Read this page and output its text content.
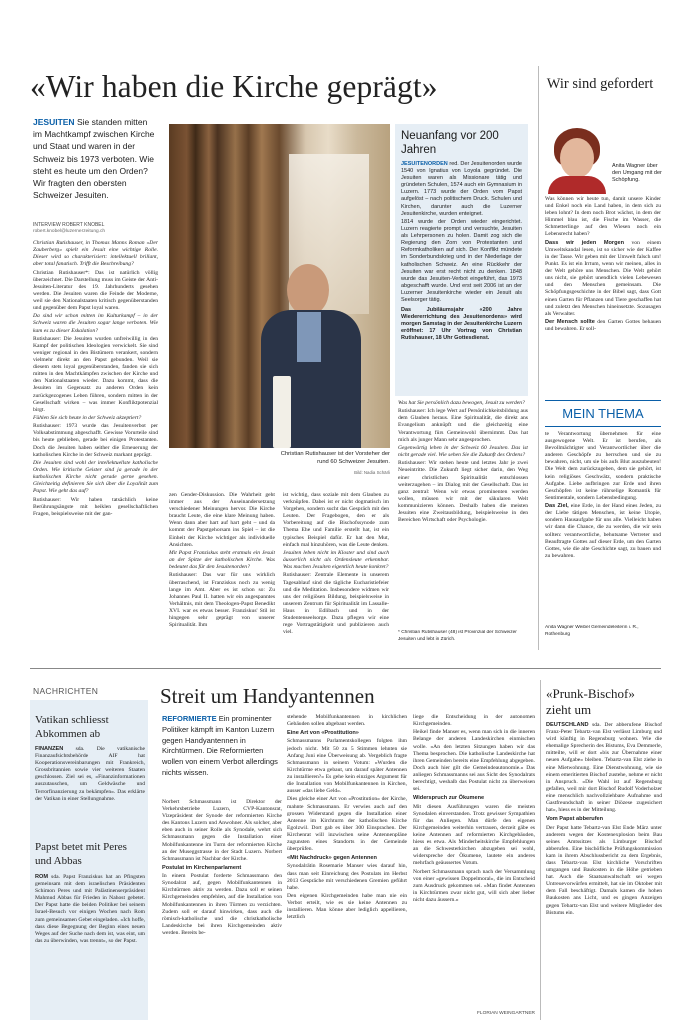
«Wir haben die Kirche geprägt»
JESUITEN Sie standen mitten im Machtkampf zwischen Kirche und Staat und waren in der Schweiz bis 1973 verboten. Wie steht es heute um den Orden? Wir fragten den obersten Schweizer Jesuiten.
INTERVIEW ROBERT KNOBEL
robert.knobel@luzernerzeitung.ch

Christian Rutishauser, in Thomas Manns Roman «Der Zauberberg» spielt ein Jesuit eine wichtige Rolle. Dieser wird so charakterisiert: intellektuell brillant, aber total fanatisch. Trifft die Beschreibung?

Christian Rutishauser*: Das ist natürlich völlig überzeichnet. Die Darstellung muss im Geiste der Anti-Jesuiten-Literatur des 19. Jahrhunderts gesehen werden. Die Jesuiten waren die Feinde der Moderne, weil sie den Nationalstaaten kritisch gegenüberstanden und gegenüber dem Papst loyal waren.

Da sind wir schon mitten im Kulturkampf – in der Schweiz waren die Jesuiten sogar lange verboten. Wie kam es zu dieser Eskalation?

Rutishauser: Die Jesuiten wurden unfreiwillig in den Kampf der politischen Ideologien verwickelt. Sie sind weniger regional in den Bistümern verankert, sondern vielmehr direkt an den Papst gebunden. Weil sie diesem stets loyal gegenüberstanden, fanden sie sich mitten in den Machtkämpfen zwischen der Kirche und den Nationalstaaten wieder. Dazu kommt, dass die Jesuiten im Gegensatz zu anderen Orden kein zurückgezogenes Leben führen, sondern mitten in der Gesellschaft wirken – was immer Konfliktpotenzial birgt.

Fühlen Sie sich heute in der Schweiz akzeptiert?

Rutishauser: 1973 wurde das Jesuitenverbot per Volksabstimmung abgeschafft. Gewisse Vorurteile sind bis heute geblieben, gerade bei einigen Protestanten. Doch die Jesuiten haben seither die Erneuerung der katholischen Kirche in der Schweiz markant geprägt.

Die Jesuiten sind wohl der intellektuellste katholische Orden. Wie kritische Geister sind ja gerade in der katholischen Kirche nicht gerade gerne gesehen. Gleichzeitig definieren Sie sich über die Loyalität zum Papst. Wie geht das auf?

Rutishauser: Wir haben tatsächlich keine Berührungsängste mit heiklen gesellschaftlichen Fragen, beispielsweise mit der gan-

Christian Rutishauser ist der Vorsteher der rund 60 Schweizer Jesuiten.
Bild: Nadia Schärli
Neuanfang vor 200 Jahren

JESUITENORDEN red. Der Jesuitenorden wurde 1540 von Ignatius von Loyola gegründet. Die Jesuiten waren als Missionare tätig und gründeten Schulen, 1574 auch ein Gymnasium in Luzern. 1773 wurde der Orden vom Papst aufgelöst – nach politischem Druck. Schulen und Kirchen, darunter auch die Luzerner Jesuitenkirche, wurden enteignet.

1814 wurde der Orden wieder eingerichtet. Luzern reagierte prompt und versuchte, Jesuiten als Lehrpersonen zu holen. Damit zog sich die Regierung den Zorn von Protestanten und Reformkatholiken auf sich. Der Konflikt mündete im Sonderbundskrieg und in der Niederlage der katholischen Schweiz. An eine Rückkehr der Jesuiten war erst recht nicht zu denken. 1848 wurde das Jesuiten-Verbot eingeführt, das 1973 abgeschafft wurde. Und erst seit 2006 ist an der Luzerner Jesuitenkirche wieder ein Jesuit als Seelsorger tätig.

Das Jubiläumsjahr «200 Jahre Wiedererrichtung des Jesuitenordens» wird morgen Samstag in der Jesuitenkirche Luzern eröffnet: 17 Uhr Vortrag von Christian Rutishauser, 18 Uhr Gottesdienst.

zen Gender-Diskussion. Die Wahrheit geht immer aus der Auseinandersetzung verschiedener Meinungen hervor. Die Kirche braucht Leute, die eine klare Meinung haben. Wenn dann aber hart auf hart geht – und da kommt der Papstgehorsam ins Spiel – ist die Einheit der Kirche wichtiger als individuelle Ansichten.

Mit Papst Franziskus steht erstmals ein Jesuit an der Spitze der katholischen Kirche. Was bedeutet das für den Jesuitenorden?

Rutishauser: Das war für uns wirklich überraschend, ist Franziskus noch zu wenig lange im Amt. Aber es ist schon so: Zu Johannes Paul II. hatten wir ein angespanntes Verhältnis, mit dem Theologen-Papst Benedikt XVI. war es etwas besser. Franziskus' Stil ist hingegen sehr geprägt von unserer Spiritualität. Ihm

ist wichtig, dass soziale mit dem Glauben zu verknüpfen. Dabei ist er nicht dogmatisch im Vorgehen, sondern sucht das Gespräch mit den Leuten. Der Fragebogen, den er als Vorbereitung auf die Bischofssynode zum Thema Ehe und Familie erstellt hat, ist ein typisches Beispiel dafür. Er hat den Mut, einfach mal hinzuhören, was die Leute denken.

Jesuiten leben nicht im Kloster und sind auch äusserlich nicht als Ordensleute erkennbar. Was machen Jesuiten eigentlich heute konkret?

Rutishauser: Zentrale Elemente in unserem Tagesablauf sind die tägliche Eucharistiefeier und die Meditation. Insbesondere widmen wir uns der religiösen Bildung, beispielsweise in unserem Zentrum für Spiritualität im Lassalle-Haus in Edlibach und in der Studentenseelsorge. Dazu pflegen wir eine rege Vortragstätigkeit und publizieren auch viel.

Was hat Sie persönlich dazu bewogen, Jesuit zu werden?

Rutishauser: Ich lege Wert auf Persönlichkeitsbildung aus dem Glauben heraus. Eine Spiritualität, die direkt ans Evangelium anknüpft und die gleichzeitig eine Verantwortung fürs Gemeinwohl übernimmt. Das hat mich als junger Mann sehr angesprochen.

Gegenwärtig leben in der Schweiz 60 Jesuiten. Das ist nicht gerade viel. Wie sehen Sie die Zukunft des Ordens?

Rutishauser: Wir stehen heute und letztes Jahr je zwei Neueintritte. Die Zukunft liegt sicher darin, den Weg einer christlichen Spiritualität entschlossen weiterzugehen – im Dialog mit der Gesellschaft. Das ist ganz zentral: Wenn wir etwas prominenten werden wollen, müssen wir mit der säkularen Welt kommunizieren können. Deshalb haben die meisten Jesuiten eine Zweitausbildung, beispielsweise in den Bereichen Wirtschaft oder Psychologie.

* Christian Rutishauser (48) ist Provinzial der Schweizer Jesuiten und lebt in Zürich.
Wir sind gefordert
Anita Wagner über den Umgang mit der Schöpfung.

Was können wir heute tun, damit unsere Kinder und Enkel noch ein Land haben, in dem sich zu leben lohnt? In dem noch Brot wächst, in dem der Himmel blau ist, die Fische im Wasser, die Schmetterlinge auf den Wiesen noch ein Lebensrecht haben?

Dass wir jeden Morgen von einem Umweltskandal lesen, ist so sicher wie der Kaffee in der Tasse. Wir geben mit der Umwelt falsch um! Punkt. Es ist ein Irrtum, wenn wir meinen, alles in der Welt gehöre uns Menschen. Die Welt gehört uns nicht, sie gehört unendlich vielen Lebewesen und den Menschen gemeinsam. Die Schöpfungsgeschichte in der Bibel sagt, dass Gott einen Garten für Pflanzen und Tiere geschaffen hat und zuletzt den Menschen hineinsetzte. Sozusagen als Verwalter.

Der Mensch sollte den Garten Gottes behauen und bewahren. Er soll-

MEIN THEMA

te Verantwortung übernehmen für eine ausgewogene Welt. Er ist berufen, als Bevollmächtigter und Verantwortlicher über die anderen Geschöpfe zu herrschen und sie zu bewahren, nicht, um sie bis aufs Blut auszubeuten! Die Welt dem zurückzugeben, dem sie gehört, ist kein religiöses Geschwätz, sondern praktische Aufgabe. Liebe aufbringen zur Erde und ihren Geschöpfen ist keine rührselige Romantik für Sentimentale, sondern Lebensbedingung.

Das Ziel, eine Erde, in der Hand eines Jeden, zu der Liebe tätigen Menschen, ist keine Utopie, sondern Hausaufgabe für uns alle. Vielleicht haben wir dann die Chance, die zu werden, die wir sein sollten: verantwortliche, behutsame Vertreter und Beauftragte Gottes auf dieser Erde, um den Garten Gottes, wie die alte Geschichte sagt, zu bauen und zu bewahren.

Anita Wagner Weibel Gemeindeleiterin i. R., Rothenburg
NACHRICHTEN
Vatikan schliesst Abkommen ab

FINANZEN sda. Die vatikanische Finanzaufsichtsbehörde AIF hat Kooperationsvereinbarungen mit Frankreich, Grossbritannien sowie vier weiteren Staaten geschlossen. Ziel sei es, «Finanzinformationen auszutauschen, um Geldwäsche und Terrorfinanzierung zu bekämpfen». Das erklärte der Vatikan in einer Stellungnahme.

Papst betet mit Peres und Abbas

ROM sda. Papst Franziskus hat an Pfingsten gemeinsam mit dem israelischen Präsidenten Schimon Peres und mit Palästinenserpräsident Mahmud Abbas für Frieden in Nahost gebetet. Der Papst hatte die beiden Politiker bei seinem Israel-Besuch vor einigen Wochen nach Rom zum gemeinsamen Gebet eingeladen. «Ich hoffe, dass diese Begegnung der Beginn eines neuen Weges auf der Suche nach dem ist, was eint, um das zu überwinden, was trennt», so der Papst.

Streit um Handyantennen
REFORMIERTE Ein prominenter Politiker kämpft im Kanton Luzern gegen Handyantennen in Kirchtürmen. Die Reformierten wollen von einem Verbot allerdings nichts wissen.

Norbert Schmassmann ist Direktor der Verkehrsbetriebe Luzern, CVP-Kantonsrat, Vizepräsident der Synode der reformierten Kirche des Kantons Luzern und Anwohner. Als solcher, aber eben auch in seiner Rolle als Synodale, wehrt sich Schmassmann gegen die Installation einer Mobilfunkantenne im Turm der reformierten Kirche an der Museggstrasse in der Stadt Luzern. Norbert Schmassmann ist Nachbar der Kirche.

Postulat im Kirchenparlament

In einem Postulat forderte Schmassmann den Synodalrat auf, gegen Mobilfunkantennen in Kirchtürmen aktiv zu werden. Dazu soll er seinen Kirchgemeinden empfehlen, auf die Installation von Mobilfunkantennen in ihren Türmen zu verzichten. Zudem soll er darauf hinwirken, dass auch die römisch-katholische und die christkatholische Landeskirche bei ihren Kirchgemeinden aktiv werden. Bereits be-

stehende Mobilfunkantennen in kirchlichen Gebäuden sollen abgebaut werden.

Eine Art von «Prostitution»

Schmassmanns Parlamentskollegen folgten ihm jedoch nicht. Mit 50 zu 5 Stimmen lehnten sie Anfang Juni eine Überweisung ab. Vergeblich fragte Schmassmann in seinem Votum: «Wurden die Kirchtürme etwa gebaut, um darauf später Antennen zu installieren?» Es gehe kein einziges Argument für die Installation von Mobilfunkantennen in Kirchen, ausser «das liebe Geld».

Dies gleiche einer Art von «Prostitution» der Kirche, mahnte Schmassmann. Er verwies auch auf den grossen Widerstand gegen die Installation einer Antenne im Kirchturm der katholischen Kirche Egolzwil. Dort gab es über 300 Einsprachen. Der Kirchenrat will inzwischen seine Antennenpläne zugunsten eines Standorts in der Gemeinde überprüfen.

«Mit Nachdruck» gegen Antennen

Synodalrätin Rosemarie Manser wies darauf hin, dass man seit Einreichung des Postulats im Herbst 2013 Gespräche mit verschiedenen Gremien geführt habe.

Den eigenen Kirchgemeinden habe man nie ein Verbot erteilt, wie es sie keine Antennen zu installieren. Man könne aber lediglich appellieren, letztlich

liege die Entscheidung in der autonomen Kirchgemeinden.

Heikel finde Manser es, wenn man sich in die inneren Belange der anderen Landeskirchen einmischen wolle. «An den letzten Sitzungen haben wir das Thema besprochen. Die katholische Landeskirche hat ihren Gemeinden bereits eine Empfehlung abgegeben. Doch auch hier gilt die Gemeindeautonomie.» Das anliegen Schmassmanns sei aus Sicht des Synodalrats berechtigt, weshalb das Postulat nicht zu überweisen sei.

Widerspruch zur Ökumene

Mit diesen Ausführungen waren die meisten Synodalen einverstanden. Trotz gewisser Sympathien für das Anliegen. Man dürfe den eigenen Kirchgemeinden weiterhin vertrauen, derzeit gäbe es keine Antennen auf reformierten Kirchgebäuden, hiess es etwa. Als Minderheitskirche Empfehlungen an die Schwesterkirchen abzugeben sei wohl, widerspreche der Ökumene, lautete ein anderes mehrfach geäussertes Votum.

Norbert Schmassmann sprach nach der Versammlung von einer «gewissen Doppelmoral», die im Entscheid zum Ausdruck gekommen sei. «Man findet Antennen in Kirchtürmen zwar nicht gut, will sich aber lieber nicht dazu äussern.»

FLORIAN WEINGARTNER
«Prunk-Bischof» zieht um

DEUTSCHLAND sda. Der abberufene Bischof Franz-Peter Tebartz-van Elst verlässt Limburg und wird künftig in Regensburg wohnen. Wie die ehemalige Sprecherin des Bistums, Eva Demmerle, mitteilte, will er dort «bis zur Übernahme einer neuen Aufgabe» bleiben. Tebartz-van Elst ziehe in eine Mietwohnung. Eine Dienstwohnung, wie sie einem emeritierten Bischof zustehe, nehme er nicht in Anspruch. «Die Wahl ist auf Regensburg gefallen, weil mir dort Bischof Rudolf Voderholzer eine menschlich nachvollziehbare Aufnahme und Gastfreundschaft in seiner Diözese zugesichert hat», hiess es in der Mitteilung.

Vom Papst abberufen

Der Papst hatte Tebartz-van Elst Ende März unter anderem wegen der Kostenexplosion beim Bau seines Amtssitzes als Limburger Bischof abberufen. Eine bischöfliche Prüfungskommission kam in ihrem Abschlussbericht zu dem Ergebnis, dass Tebartz-van Elst kirchliche Vorschriften umgangen und Baukosten in die Höhe getrieben hat. Auch die Staatsanwaltschaft sei wegen Untreuevorwürfen ermittelt, hat sie im Oktober mit dem Fall beschäftigt. Damals kamen die hohen Baukosten ans Licht, und es gingen Anzeigen gegen Tebartz-van Elst und weitere Mitglieder des Bistums ein.
